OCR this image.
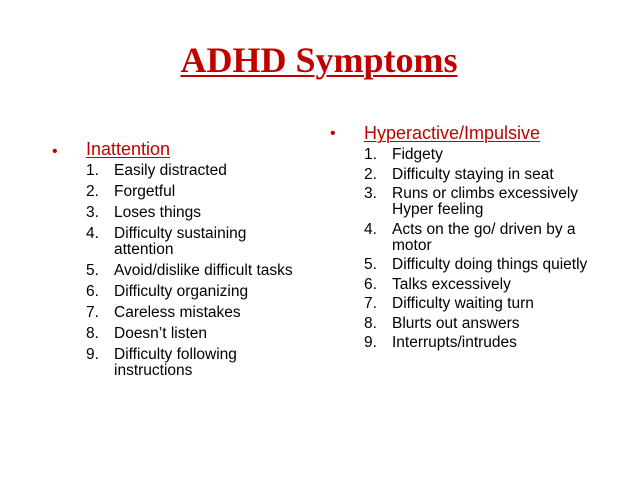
ADHD Symptoms
• Inattention
1. Easily distracted
2. Forgetful
3. Loses things
4. Difficulty sustaining attention
5. Avoid/dislike difficult tasks
6. Difficulty organizing
7. Careless mistakes
8. Doesn’t listen
9. Difficulty following instructions
• Hyperactive/Impulsive
1. Fidgety
2. Difficulty staying in seat
3. Runs or climbs excessively Hyper feeling
4. Acts on the go/ driven by a motor
5. Difficulty doing things quietly
6. Talks excessively
7. Difficulty waiting turn
8. Blurts out answers
9. Interrupts/intrudes
